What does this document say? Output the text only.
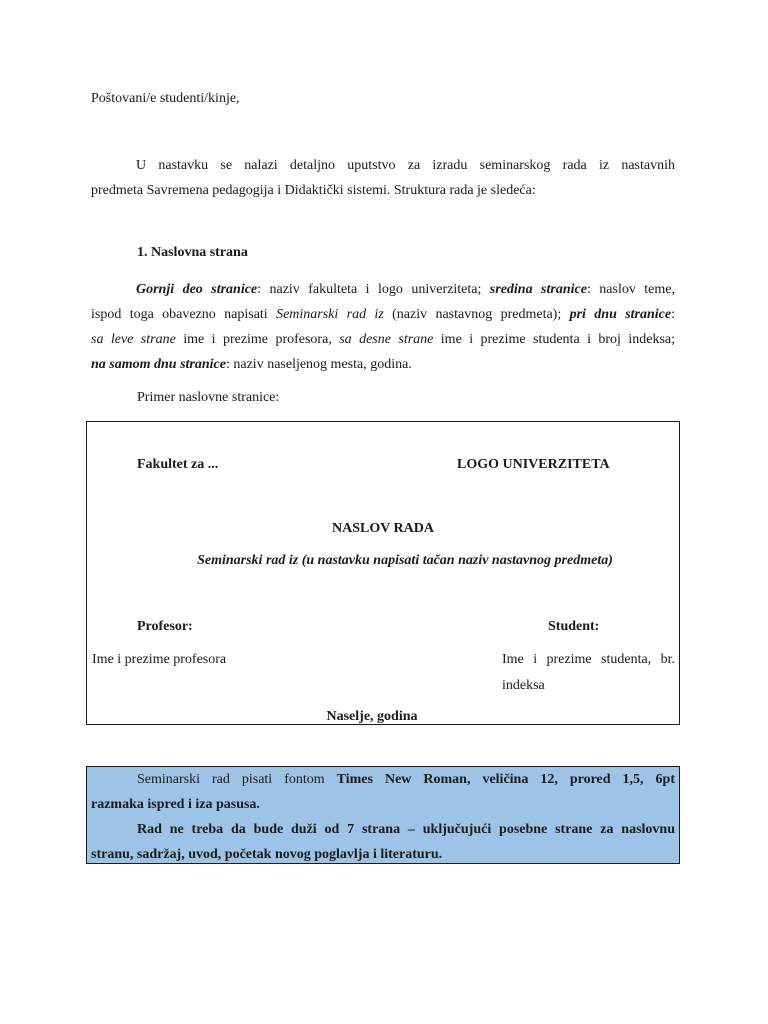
Poštovani/e studenti/kinje,
U nastavku se nalazi detaljno uputstvo za izradu seminarskog rada iz nastavnih
predmeta Savremena pedagogija i Didaktički sistemi. Struktura rada je sledeća:
1. Naslovna strana
Gornji deo stranice: naziv fakulteta i logo univerziteta; sredina stranice: naslov teme,
ispod toga obavezno napisati Seminarski rad iz (naziv nastavnog predmeta); pri dnu stranice:
sa leve strane ime i prezime profesora, sa desne strane ime i prezime studenta i broj indeksa;
na samom dnu stranice: naziv naseljenog mesta, godina.
Primer naslovne stranice:
Fakultet za ...	LOGO UNIVERZITETA
NASLOV RADA
Seminarski rad iz (u nastavku napisati tačan naziv nastavnog predmeta)
Profesor:	Student:
Ime i prezime profesora	Ime i prezime studenta, br.
indeksa
Naselje, godina
Seminarski rad pisati fontom Times New Roman, veličina 12, prored 1,5, 6pt
razmaka ispred i iza pasusa.
Rad ne treba da bude duži od 7 strana – uključujući posebne strane za naslovnu
stranu, sadržaj, uvod, početak novog poglavlja i literaturu.
